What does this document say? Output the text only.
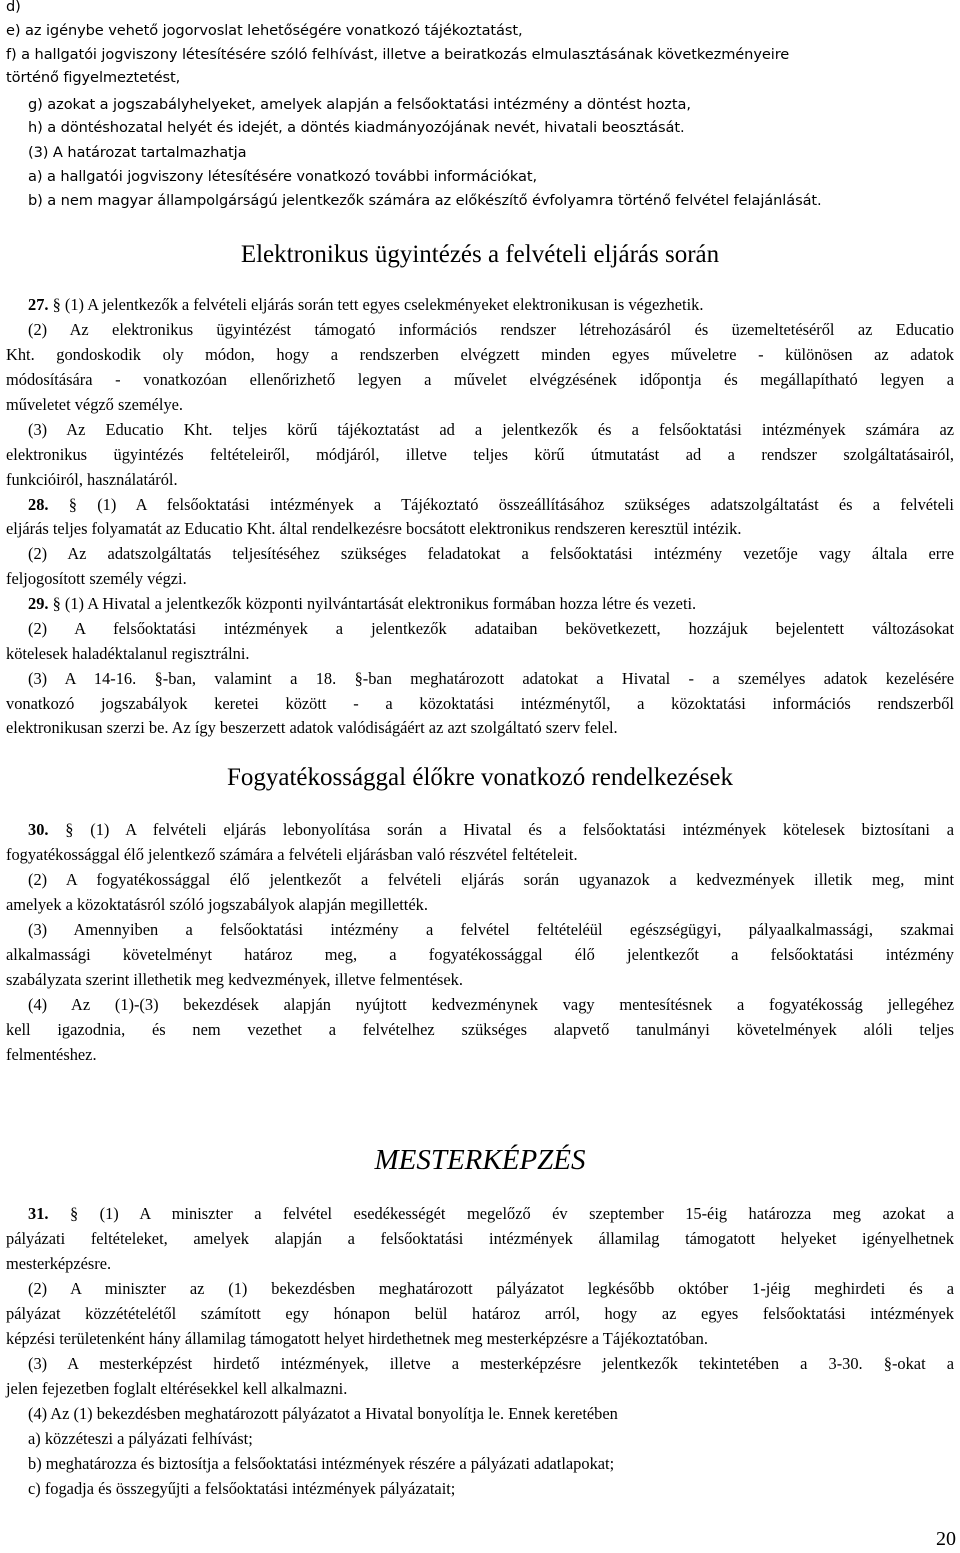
d)
e) az igénybe vehető jogorvoslat lehetőségére vonatkozó tájékoztatást,
f) a hallgatói jogviszony létesítésére szóló felhívást, illetve a beiratkozás elmulasztásának következményeire
történő figyelmeztetést,
g) azokat a jogszabályhelyeket, amelyek alapján a felsőoktatási intézmény a döntést hozta,
h) a döntéshozatal helyét és idejét, a döntés kiadmányozójának nevét, hivatali beosztását.
(3) A határozat tartalmazhatja
a) a hallgatói jogviszony létesítésére vonatkozó további információkat,
b) a nem magyar állampolgárságú jelentkezők számára az előkészítő évfolyamra történő felvétel felajánlását.
Elektronikus ügyintézés a felvételi eljárás során
27. § (1) A jelentkezők a felvételi eljárás során tett egyes cselekményeket elektronikusan is végezhetik.
(2) Az elektronikus ügyintézést támogató információs rendszer létrehozásáról és üzemeltetéséről az Educatio
Kht. gondoskodik oly módon, hogy a rendszerben elvégzett minden egyes műveletre - különösen az adatok
módosítására - vonatkozóan ellenőrizhető legyen a művelet elvégzésének időpontja és megállapítható legyen a
műveletet végző személye.
(3) Az Educatio Kht. teljes körű tájékoztatást ad a jelentkezők és a felsőoktatási intézmények számára az
elektronikus ügyintézés feltételeiről, módjáról, illetve teljes körű útmutatást ad a rendszer szolgáltatásairól,
funkcióiról, használatáról.
28. § (1) A felsőoktatási intézmények a Tájékoztató összeállításához szükséges adatszolgáltatást és a felvételi
eljárás teljes folyamatát az Educatio Kht. által rendelkezésre bocsátott elektronikus rendszeren keresztül intézik.
(2) Az adatszolgáltatás teljesítéséhez szükséges feladatokat a felsőoktatási intézmény vezetője vagy általa erre
feljogosított személy végzi.
29. § (1) A Hivatal a jelentkezők központi nyilvántartását elektronikus formában hozza létre és vezeti.
(2) A felsőoktatási intézmények a jelentkezők adataiban bekövetkezett, hozzájuk bejelentett változásokat
kötelesek haladéktalanul regisztrálni.
(3) A 14-16. §-ban, valamint a 18. §-ban meghatározott adatokat a Hivatal - a személyes adatok kezelésére
vonatkozó jogszabályok keretei között - a közoktatási intézménytől, a közoktatási információs rendszerből
elektronikusan szerzi be. Az így beszerzett adatok valódiságáért az azt szolgáltató szerv felel.
Fogyatékossággal élőkre vonatkozó rendelkezések
30. § (1) A felvételi eljárás lebonyolítása során a Hivatal és a felsőoktatási intézmények kötelesek biztosítani a
fogyatékossággal élő jelentkező számára a felvételi eljárásban való részvétel feltételeit.
(2) A fogyatékossággal élő jelentkezőt a felvételi eljárás során ugyanazok a kedvezmények illetik meg, mint
amelyek a közoktatásról szóló jogszabályok alapján megillették.
(3) Amennyiben a felsőoktatási intézmény a felvétel feltételéül egészségügyi, pályaalkalmassági, szakmai
alkalmassági követelményt határoz meg, a fogyatékossággal élő jelentkezőt a felsőoktatási intézmény
szabályzata szerint illethetik meg kedvezmények, illetve felmentések.
(4) Az (1)-(3) bekezdések alapján nyújtott kedvezménynek vagy mentesítésnek a fogyatékosság jellegéhez
kell igazodnia, és nem vezethet a felvételhez szükséges alapvető tanulmányi követelmények alóli teljes
felmentéshez.
MESTERKÉPZÉS
31. § (1) A miniszter a felvétel esedékességét megelőző év szeptember 15-éig határozza meg azokat a
pályázati feltételeket, amelyek alapján a felsőoktatási intézmények államilag támogatott helyeket igényelhetnek
mesterképzésre.
(2) A miniszter az (1) bekezdésben meghatározott pályázatot legkésőbb október 1-jéig meghirdeti és a
pályázat közzétételétől számított egy hónapon belül határoz arról, hogy az egyes felsőoktatási intézmények
képzési területenként hány államilag támogatott helyet hirdethetnek meg mesterképzésre a Tájékoztatóban.
(3) A mesterképzést hirdető intézmények, illetve a mesterképzésre jelentkezők tekintetében a 3-30. §-okat a
jelen fejezetben foglalt eltérésekkel kell alkalmazni.
(4) Az (1) bekezdésben meghatározott pályázatot a Hivatal bonyolítja le. Ennek keretében
a) közzéteszi a pályázati felhívást;
b) meghatározza és biztosítja a felsőoktatási intézmények részére a pályázati adatlapokat;
c) fogadja és összegyűjti a felsőoktatási intézmények pályázatait;
20
